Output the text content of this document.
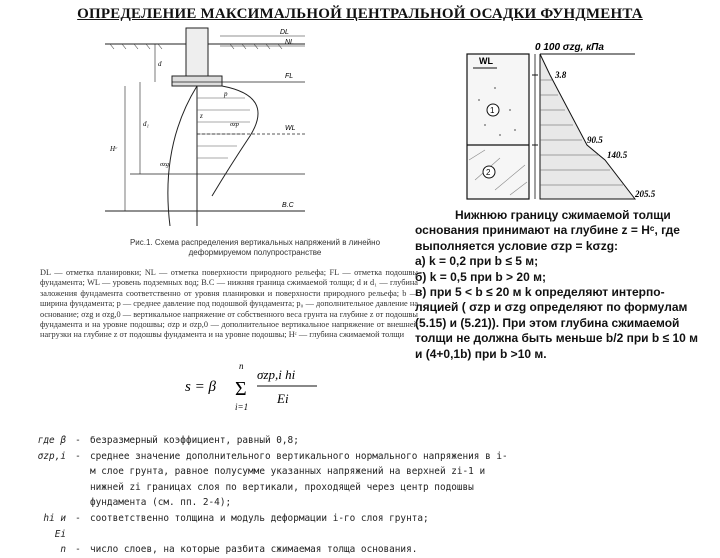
ОПРЕДЕЛЕНИЕ МАКСИМАЛЬНОЙ ЦЕНТРАЛЬНОЙ ОСАДКИ ФУНДМЕНТА
DL
NL
FL
WL
B.C
z
p
d
d₁
Hᶜ
σzp
σzg
Рис.1. Схема распределения вертикальных напряжений в линейно деформируемом полупространстве
DL — отметка планировки; NL — отметка поверхности природного рельефа; FL — отметка подошвы фундамента; WL — уровень подземных вод; B.C — нижняя граница сжимаемой толщи; d и d₁ — глубина заложения фундамента соответственно от уровня планировки и поверхности природного рельефа; b — ширина фундамента; p — среднее давление под подошвой фундамента; p₀ — дополнительное давление на основание; σzg и σzg,0 — вертикальное напряжение от собственного веса грунта на глубине z от подошвы фундамента и на уровне подошвы; σzp и σzp,0 — дополнительное вертикальное напряжение от внешней нагрузки на глубине z от подошвы фундамента и на уровне подошвы; Hᶜ — глубина сжимаемой толщи
0 100 σzg, кПа
WL
1
2
3.8
90.5
140.5
205.5
Нижнюю границу сжимаемой толщи
основания принимают на глубине z = Hᶜ, где
выполняется условие σzp = kσzg:
а) k = 0,2 при b ≤ 5 м;
б) k = 0,5 при b > 20 м;
в) при 5 < b ≤ 20 м k определяют интерпо-
ляцией ( σzp и σzg определяют по формулам
(5.15) и (5.21)). При этом глубина сжимаемой
толщи не должна быть меньше b/2 при b ≤ 10 м
и (4+0,1b) при b >10 м.
s = β
n
Σ
i=1
σzp,i hi
Ei
где β - безразмерный коэффициент, равный 0,8;
σzp,i - среднее значение дополнительного вертикального нормального напряжения в i-
м слое грунта, равное полусумме указанных напряжений на верхней zi-1 и
нижней zi границах слоя по вертикали, проходящей через центр подошвы
фундамента (см. пп. 2-4);
hi и Ei
- соответственно толщина и модуль деформации i-го слоя грунта;
n - число слоев, на которые разбита сжимаемая толща основания.
